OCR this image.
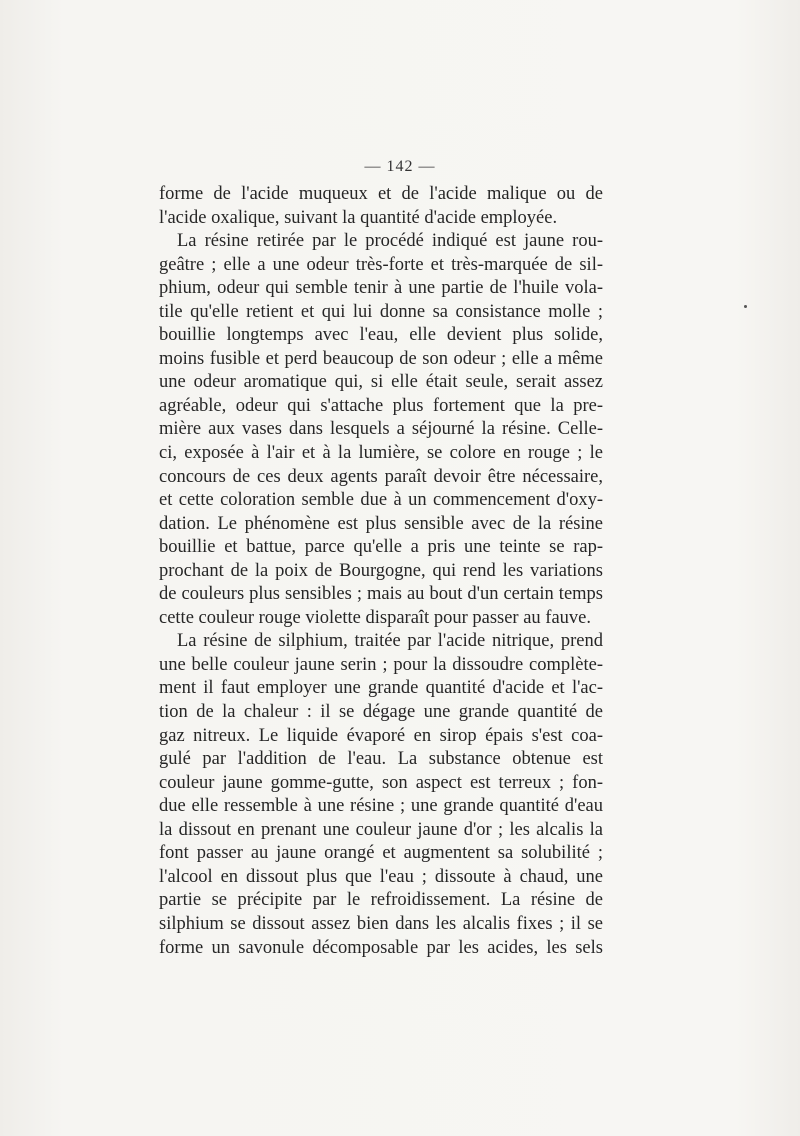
— 142 —
forme de l'acide muqueux et de l'acide malique ou de
l'acide oxalique, suivant la quantité d'acide employée.
La résine retirée par le procédé indiqué est jaune rou-
geâtre ; elle a une odeur très-forte et très-marquée de sil-
phium, odeur qui semble tenir à une partie de l'huile vola-
tile qu'elle retient et qui lui donne sa consistance molle ;
bouillie longtemps avec l'eau, elle devient plus solide,
moins fusible et perd beaucoup de son odeur ; elle a même
une odeur aromatique qui, si elle était seule, serait assez
agréable, odeur qui s'attache plus fortement que la pre-
mière aux vases dans lesquels a séjourné la résine. Celle-
ci, exposée à l'air et à la lumière, se colore en rouge ; le
concours de ces deux agents paraît devoir être nécessaire,
et cette coloration semble due à un commencement d'oxy-
dation. Le phénomène est plus sensible avec de la résine
bouillie et battue, parce qu'elle a pris une teinte se rap-
prochant de la poix de Bourgogne, qui rend les variations
de couleurs plus sensibles ; mais au bout d'un certain temps
cette couleur rouge violette disparaît pour passer au fauve.
La résine de silphium, traitée par l'acide nitrique, prend
une belle couleur jaune serin ; pour la dissoudre complète-
ment il faut employer une grande quantité d'acide et l'ac-
tion de la chaleur : il se dégage une grande quantité de
gaz nitreux. Le liquide évaporé en sirop épais s'est coa-
gulé par l'addition de l'eau. La substance obtenue est
couleur jaune gomme-gutte, son aspect est terreux ; fon-
due elle ressemble à une résine ; une grande quantité d'eau
la dissout en prenant une couleur jaune d'or ; les alcalis la
font passer au jaune orangé et augmentent sa solubilité ;
l'alcool en dissout plus que l'eau ; dissoute à chaud, une
partie se précipite par le refroidissement. La résine de
silphium se dissout assez bien dans les alcalis fixes ; il se
forme un savonule décomposable par les acides, les sels
